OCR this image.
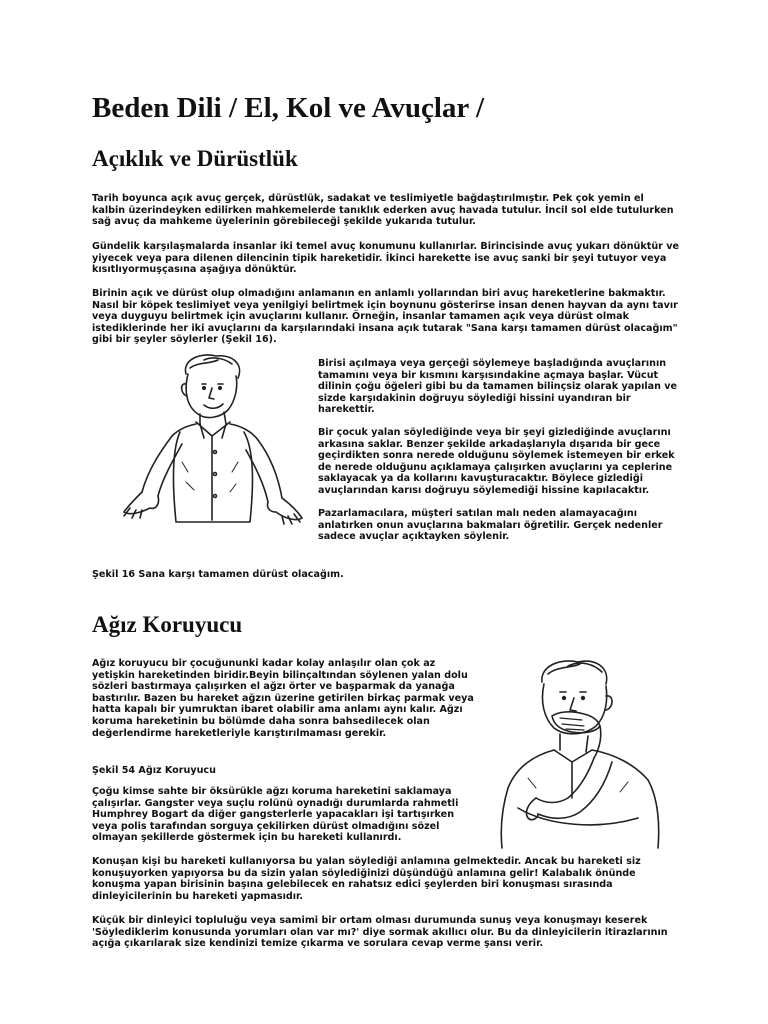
Beden Dili / El, Kol ve Avuçlar /
Açıklık ve Dürüstlük

Tarih boyunca açık avuç gerçek, dürüstlük, sadakat ve teslimiyetle bağdaştırılmıştır. Pek çok yemin el kalbin üzerindeyken edilirken mahkemelerde tanıklık ederken avuç havada tutulur. İncil sol elde tutulurken sağ avuç da mahkeme üyelerinin görebileceği şekilde yukarıda tutulur.

Gündelik karşılaşmalarda insanlar iki temel avuç konumunu kullanırlar. Birincisinde avuç yukarı dönüktür ve yiyecek veya para dilenen dilencinin tipik hareketidir. İkinci harekette ise avuç sanki bir şeyi tutuyor veya kısıtlıyormuşçasına aşağıya dönüktür.

Birinin açık ve dürüst olup olmadığını anlamanın en anlamlı yollarından biri avuç hareketlerine bakmaktır. Nasıl bir köpek teslimiyet veya yenilgiyi belirtmek için boynunu gösterirse insan denen hayvan da aynı tavır veya duyguyu belirtmek için avuçlarını kullanır. Örneğin, insanlar tamamen açık veya dürüst olmak istediklerinde her iki avuçlarını da karşılarındaki insana açık tutarak "Sana karşı tamamen dürüst olacağım" gibi bir şeyler söylerler (Şekil 16).

Birisi açılmaya veya gerçeği söylemeye başladığında avuçlarının tamamını veya bir kısmını karşısındakine açmaya başlar. Vücut dilinin çoğu öğeleri gibi bu da tamamen bilinçsiz olarak yapılan ve sizde karşıdakinin doğruyu söylediği hissini uyandıran bir harekettir.

Bir çocuk yalan söylediğinde veya bir şeyi gizlediğinde avuçlarını arkasına saklar. Benzer şekilde arkadaşlarıyla dışarıda bir gece geçirdikten sonra nerede olduğunu söylemek istemeyen bir erkek de nerede olduğunu açıklamaya çalışırken avuçlarını ya ceplerine saklayacak ya da kollarını kavuşturacaktır. Böylece gizlediği avuçlarından karısı doğruyu söylemediği hissine kapılacaktır.

Pazarlamacılara, müşteri satılan malı neden alamayacağını anlatırken onun avuçlarına bakmaları öğretilir. Gerçek nedenler sadece avuçlar açıktayken söylenir.

Şekil 16 Sana karşı tamamen dürüst olacağım.

Ağız Koruyucu

Ağız koruyucu bir çocuğununki kadar kolay anlaşılır olan çok az yetişkin hareketinden biridir.Beyin bilinçaltından söylenen yalan dolu sözleri bastırmaya çalışırken el ağzı örter ve başparmak da yanağa bastırılır. Bazen bu hareket ağzın üzerine getirilen birkaç parmak veya hatta kapalı bir yumruktan ibaret olabilir ama anlamı aynı kalır. Ağzı koruma hareketinin bu bölümde daha sonra bahsedilecek olan değerlendirme hareketleriyle karıştırılmaması gerekir.

Şekil 54 Ağız Koruyucu

Çoğu kimse sahte bir öksürükle ağzı koruma hareketini saklamaya çalışırlar. Gangster veya suçlu rolünü oynadığı durumlarda rahmetli Humphrey Bogart da diğer gangsterlerle yapacakları işi tartışırken veya polis tarafından sorguya çekilirken dürüst olmadığını sözel olmayan şekillerde göstermek için bu hareketi kullanırdı.

Konuşan kişi bu hareketi kullanıyorsa bu yalan söylediği anlamına gelmektedir. Ancak bu hareketi siz konuşuyorken yapıyorsa bu da sizin yalan söylediğinizi düşündüğü anlamına gelir! Kalabalık önünde konuşma yapan birisinin başına gelebilecek en rahatsız edici şeylerden biri konuşması sırasında dinleyicilerinin bu hareketi yapmasıdır.

Küçük bir dinleyici topluluğu veya samimi bir ortam olması durumunda sunuş veya konuşmayı keserek 'Söylediklerim konusunda yorumları olan var mı?' diye sormak akıllıcı olur. Bu da dinleyicilerin itirazlarının açığa çıkarılarak size kendinizi temize çıkarma ve sorulara cevap verme şansı verir.
